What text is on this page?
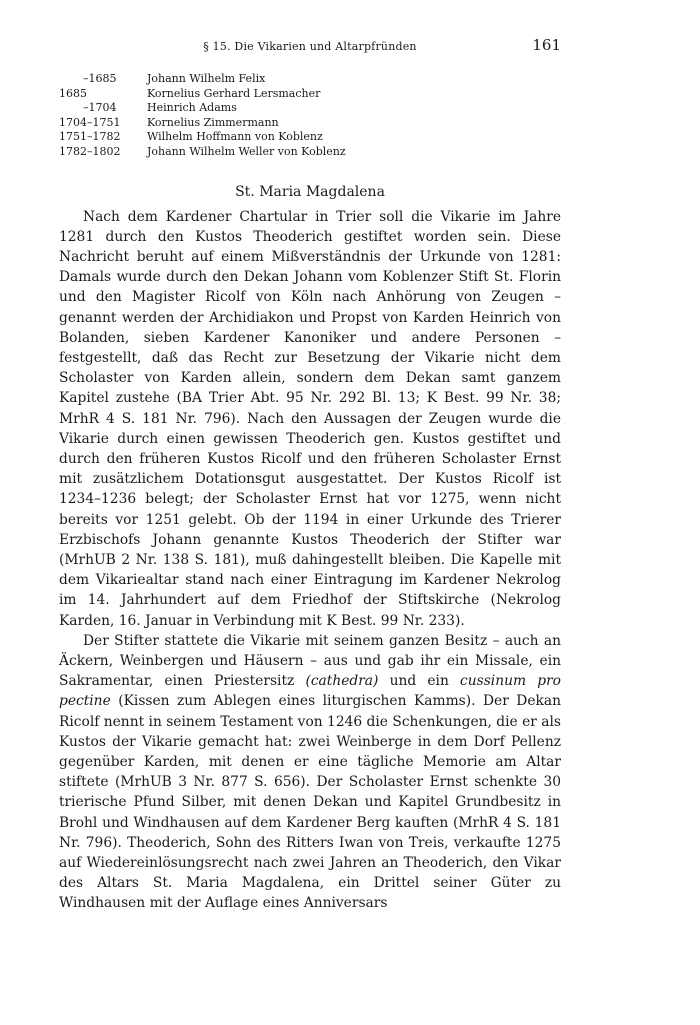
§ 15. Die Vikarien und Altarpfründen	161
–1685	Johann Wilhelm Felix
1685	Kornelius Gerhard Lersmacher
–1704	Heinrich Adams
1704–1751	Kornelius Zimmermann
1751–1782	Wilhelm Hoffmann von Koblenz
1782–1802	Johann Wilhelm Weller von Koblenz
St. Maria Magdalena

Nach dem Kardener Chartular in Trier soll die Vikarie im Jahre 1281 durch den Kustos Theoderich gestiftet worden sein. Diese Nachricht beruht auf einem Mißverständnis der Urkunde von 1281: Damals wurde durch den Dekan Johann vom Koblenzer Stift St. Florin und den Magister Ricolf von Köln nach Anhörung von Zeugen – genannt werden der Archidiakon und Propst von Karden Heinrich von Bolanden, sieben Kardener Kanoniker und andere Personen – festgestellt, daß das Recht zur Besetzung der Vikarie nicht dem Scholaster von Karden allein, sondern dem Dekan samt ganzem Kapitel zustehe (BA Trier Abt. 95 Nr. 292 Bl. 13; K Best. 99 Nr. 38; MrhR 4 S. 181 Nr. 796). Nach den Aussagen der Zeugen wurde die Vikarie durch einen gewissen Theoderich gen. Kustos gestiftet und durch den früheren Kustos Ricolf und den früheren Scholaster Ernst mit zusätzlichem Dotationsgut ausgestattet. Der Kustos Ricolf ist 1234–1236 belegt; der Scholaster Ernst hat vor 1275, wenn nicht bereits vor 1251 gelebt. Ob der 1194 in einer Urkunde des Trierer Erzbischofs Johann genannte Kustos Theoderich der Stifter war (MrhUB 2 Nr. 138 S. 181), muß dahingestellt bleiben. Die Kapelle mit dem Vikariealtar stand nach einer Eintragung im Kardener Nekrolog im 14. Jahrhundert auf dem Friedhof der Stiftskirche (Nekrolog Karden, 16. Januar in Verbindung mit K Best. 99 Nr. 233).

Der Stifter stattete die Vikarie mit seinem ganzen Besitz – auch an Äckern, Weinbergen und Häusern – aus und gab ihr ein Missale, ein Sakramentar, einen Priestersitz (cathedra) und ein cussinum pro pectine (Kissen zum Ablegen eines liturgischen Kamms). Der Dekan Ricolf nennt in seinem Testament von 1246 die Schenkungen, die er als Kustos der Vikarie gemacht hat: zwei Weinberge in dem Dorf Pellenz gegenüber Karden, mit denen er eine tägliche Memorie am Altar stiftete (MrhUB 3 Nr. 877 S. 656). Der Scholaster Ernst schenkte 30 trierische Pfund Silber, mit denen Dekan und Kapitel Grundbesitz in Brohl und Windhausen auf dem Kardener Berg kauften (MrhR 4 S. 181 Nr. 796). Theoderich, Sohn des Ritters Iwan von Treis, verkaufte 1275 auf Wiedereinlösungsrecht nach zwei Jahren an Theoderich, den Vikar des Altars St. Maria Magdalena, ein Drittel seiner Güter zu Windhausen mit der Auflage eines Anniversars
